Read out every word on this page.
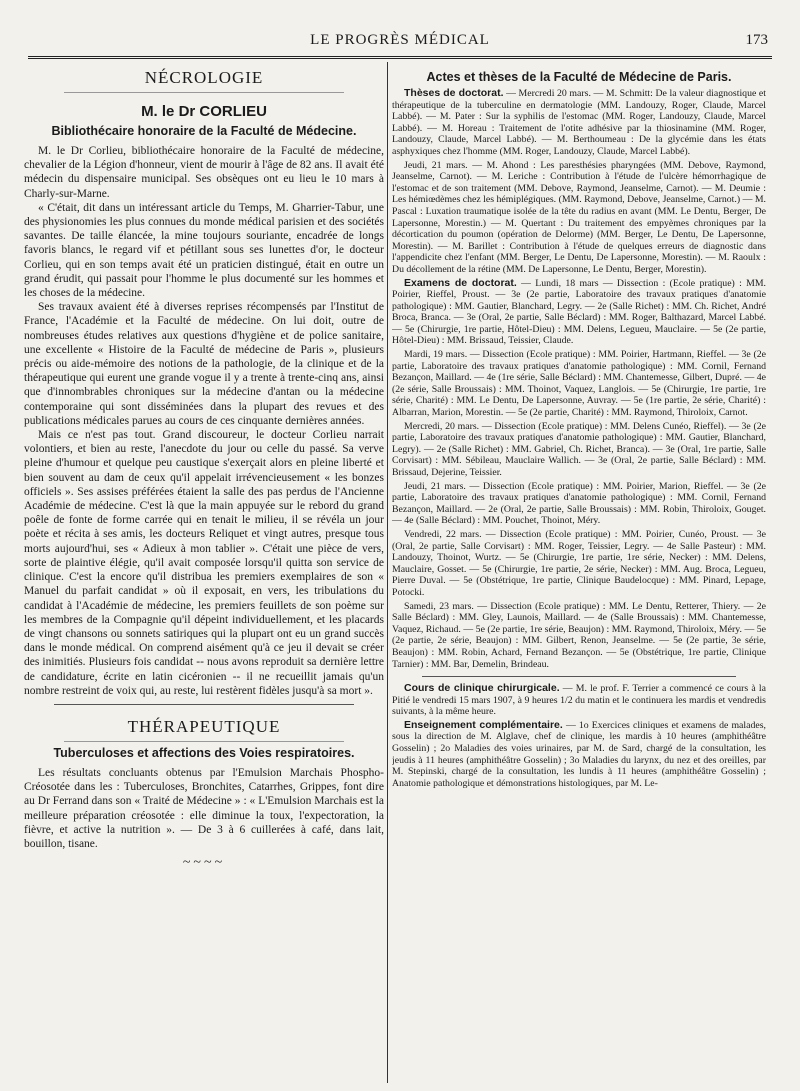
LE PROGRÈS MÉDICAL	173
NÉCROLOGIE
M. le Dr CORLIEU
Bibliothécaire honoraire de la Faculté de Médecine.

M. le Dr Corlieu, bibliothécaire honoraire de la Faculté de médecine, chevalier de la Légion d'honneur, vient de mourir à l'âge de 82 ans. Il avait été médecin du dispensaire municipal. Ses obsèques ont eu lieu le 10 mars à Charly-sur-Marne.

« C'était, dit dans un intéressant article du Temps, M. Gharrier-Tabur, une des physionomies les plus connues du monde médical parisien et des sociétés savantes. De taille élancée, la mine toujours souriante, encadrée de longs favoris blancs, le regard vif et pétillant sous ses lunettes d'or, le docteur Corlieu, qui en son temps avait été un praticien distingué, était en outre un grand érudit, qui passait pour l'homme le plus documenté sur les hommes et les choses de la médecine.

Ses travaux avaient été à diverses reprises récompensés par l'Institut de France, l'Académie et la Faculté de médecine. On lui doit, outre de nombreuses études relatives aux questions d'hygiène et de police sanitaire, une excellente « Histoire de la Faculté de médecine de Paris », plusieurs précis ou aide-mémoire des notions de la pathologie, de la clinique et de la thérapeutique qui eurent une grande vogue il y a trente à trente-cinq ans, ainsi que d'innombrables chroniques sur la médecine d'antan ou la médecine contemporaine qui sont disséminées dans la plupart des revues et des publications médicales parues au cours de ces cinquante dernières années.

Mais ce n'est pas tout. Grand discoureur, le docteur Corlieu narrait volontiers, et bien au reste, l'anecdote du jour ou celle du passé. Sa verve pleine d'humour et quelque peu caustique s'exerçait alors en pleine liberté et bien souvent au dam de ceux qu'il appelait irrévencieusement « les bonzes officiels ». Ses assises préférées étaient la salle des pas perdus de l'Ancienne Académie de médecine. C'est là que la main appuyée sur le rebord du grand poêle de fonte de forme carrée qui en tenait le milieu, il se révéla un jour poète et récita à ses amis, les docteurs Reliquet et vingt autres, presque tous morts aujourd'hui, ses « Adieux à mon tablier ». C'était une pièce de vers, sorte de plaintive élégie, qu'il avait composée lorsqu'il quitta son service de clinique. C'est la encore qu'il distribua les premiers exemplaires de son « Manuel du parfait candidat » où il exposait, en vers, les tribulations du candidat à l'Académie de médecine, les premiers feuillets de son poème sur les membres de la Compagnie qu'il dépeint individuellement, et les placards de vingt chansons ou sonnets satiriques qui la plupart ont eu un grand succès dans le monde médical. On comprend aisément qu'à ce jeu il devait se créer des inimitiés. Plusieurs fois candidat -- nous avons reproduit sa dernière lettre de candidature, écrite en latin cicéronien -- il ne recueillit jamais qu'un nombre restreint de voix qui, au reste, lui restèrent fidèles jusqu'à sa mort ».

THÉRAPEUTIQUE
Tuberculoses et affections des Voies respiratoires.

Les résultats concluants obtenus par l'Emulsion Marchais Phospho-Créosotée dans les : Tuberculoses, Bronchites, Catarrhes, Grippes, font dire au Dr Ferrand dans son « Traité de Médecine » : « L'Emulsion Marchais est la meilleure préparation créosotée : elle diminue la toux, l'expectoration, la fièvre, et active la nutrition ». — De 3 à 6 cuillerées à café, dans lait, bouillon, tisane.

~~~~
Actes et thèses de la Faculté de Médecine de Paris.

Thèses de doctorat. — Mercredi 20 mars. — M. Schmitt: De la valeur diagnostique et thérapeutique de la tuberculine en dermatologie (MM. Landouzy, Roger, Claude, Marcel Labbé). — M. Pater : Sur la syphilis de l'estomac (MM. Roger, Landouzy, Claude, Marcel Labbé). — M. Horeau : Traitement de l'otite adhésive par la thiosinamine (MM. Roger, Landouzy, Claude, Marcel Labbé). — M. Berthoumeau : De la glycémie dans les états asphyxiques chez l'homme (MM. Roger, Landouzy, Claude, Marcel Labbé).

Jeudi, 21 mars. — M. Ahond : Les paresthésies pharyngées (MM. Debove, Raymond, Jeanselme, Carnot). — M. Leriche : Contribution à l'étude de l'ulcère hémorrhagique de l'estomac et de son traitement (MM. Debove, Raymond, Jeanselme, Carnot). — M. Deumie : Les hémiœdèmes chez les hémiplégiques. (MM. Raymond, Debove, Jeanselme, Carnot.) — M. Pascal : Luxation traumatique isolée de la tête du radius en avant (MM. Le Dentu, Berger, De Lapersonne, Morestin.) — M. Quertant : Du traitement des empyèmes chroniques par la décortication du poumon (opération de Delorme) (MM. Berger, Le Dentu, De Lapersonne, Morestin). — M. Barillet : Contribution à l'étude de quelques erreurs de diagnostic dans l'appendicite chez l'enfant (MM. Berger, Le Dentu, De Lapersonne, Morestin). — M. Raoulx : Du décollement de la rétine (MM. De Lapersonne, Le Dentu, Berger, Morestin).

Examens de doctorat. — Lundi, 18 mars — Dissection : (Ecole pratique) : MM. Poirier, Rieffel, Proust. — 3e (2e partie, Laboratoire des travaux pratiques d'anatomie pathologique) : MM. Gautier, Blanchard, Legry. — 2e (Salle Richet) : MM. Ch. Richet, André Broca, Branca. — 3e (Oral, 2e partie, Salle Béclard) : MM. Roger, Balthazard, Marcel Labbé. — 5e (Chirurgie, 1re partie, Hôtel-Dieu) : MM. Delens, Legueu, Mauclaire. — 5e (2e partie, Hôtel-Dieu) : MM. Brissaud, Teissier, Claude.

Mardi, 19 mars. — Dissection (Ecole pratique) : MM. Poirier, Hartmann, Rieffel. — 3e (2e partie, Laboratoire des travaux pratiques d'anatomie pathologique) : MM. Cornil, Fernand Bezançon, Maillard. — 4e (1re série, Salle Béclard) : MM. Chantemesse, Gilbert, Dupré. — 4e (2e série, Salle Broussais) : MM. Thoinot, Vaquez, Langlois. — 5e (Chirurgie, 1re partie, 1re série, Charité) : MM. Le Dentu, De Lapersonne, Auvray. — 5e (1re partie, 2e série, Charité) : Albarran, Marion, Morestin. — 5e (2e partie, Charité) : MM. Raymond, Thiroloix, Carnot.

Mercredi, 20 mars. — Dissection (Ecole pratique) : MM. Delens Cunéo, Rieffel). — 3e (2e partie, Laboratoire des travaux pratiques d'anatomie pathologique) : MM. Gautier, Blanchard, Legry). — 2e (Salle Richet) : MM. Gabriel, Ch. Richet, Branca). — 3e (Oral, 1re partie, Salle Corvisart) : MM. Sébileau, Mauclaire Wallich. — 3e (Oral, 2e partie, Salle Béclard) : MM. Brissaud, Dejerine, Teissier.

Jeudi, 21 mars. — Dissection (Ecole pratique) : MM. Poirier, Marion, Rieffel. — 3e (2e partie, Laboratoire des travaux pratiques d'anatomie pathologique) : MM. Cornil, Fernand Bezançon, Maillard. — 2e (Oral, 2e partie, Salle Broussais) : MM. Robin, Thiroloix, Gouget. — 4e (Salle Béclard) : MM. Pouchet, Thoinot, Méry.

Vendredi, 22 mars. — Dissection (Ecole pratique) : MM. Poirier, Cunéo, Proust. — 3e (Oral, 2e partie, Salle Corvisart) : MM. Roger, Teissier, Legry. — 4e Salle Pasteur) : MM. Landouzy, Thoinot, Wurtz. — 5e (Chirurgie, 1re partie, 1re série, Necker) : MM. Delens, Mauclaire, Gosset. — 5e (Chirurgie, 1re partie, 2e série, Necker) : MM. Aug. Broca, Legueu, Pierre Duval. — 5e (Obstétrique, 1re partie, Clinique Baudelocque) : MM. Pinard, Lepage, Potocki.

Samedi, 23 mars. — Dissection (Ecole pratique) : MM. Le Dentu, Retterer, Thiery. — 2e Salle Béclard) : MM. Gley, Launois, Maillard. — 4e (Salle Broussais) : MM. Chantemesse, Vaquez, Richaud. — 5e (2e partie, 1re série, Beaujon) : MM. Raymond, Thiroloix, Méry. — 5e (2e partie, 2e série, Beaujon) : MM. Gilbert, Renon, Jeanselme. — 5e (2e partie, 3e série, Beaujon) : MM. Robin, Achard, Fernand Bezançon. — 5e (Obstétrique, 1re partie, Clinique Tarnier) : MM. Bar, Demelin, Brindeau.

Cours de clinique chirurgicale. — M. le prof. F. Terrier a commencé ce cours à la Pitié le vendredi 15 mars 1907, à 9 heures 1/2 du matin et le continuera les mardis et vendredis suivants, à la même heure.

Enseignement complémentaire. — 1o Exercices cliniques et examens de malades, sous la direction de M. Alglave, chef de clinique, les mardis à 10 heures (amphithéâtre Gosselin) ; 2o Maladies des voies urinaires, par M. de Sard, chargé de la consultation, les jeudis à 11 heures (amphithéâtre Gosselin) ; 3o Maladies du larynx, du nez et des oreilles, par M. Stepinski, chargé de la consultation, les lundis à 11 heures (amphithéâtre Gosselin) ; Anatomie pathologique et démonstrations histologiques, par M. Le-
